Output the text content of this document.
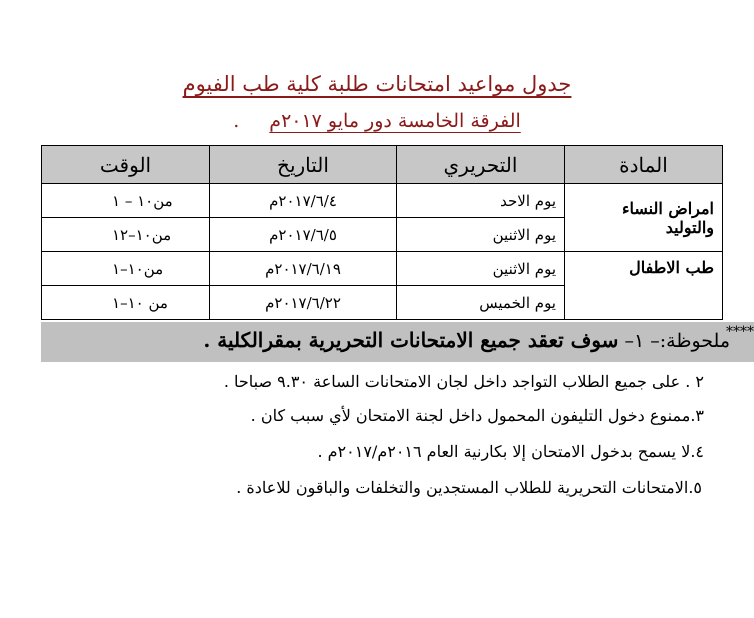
جدول مواعيد امتحانات طلبة كلية طب الفيوم
الفرقة الخامسة دور مايو ٢٠١٧م .
المادة	التحريري	التاريخ	الوقت
امراض النساء والتوليد	يوم الاحد	٢٠١٧/٦/٤م	من١٠ – ١
	يوم الاثنين	٢٠١٧/٦/٥م	من١٠–١٢
طب الاطفال	يوم الاثنين	٢٠١٧/٦/١٩م	من١٠–١
	يوم الخميس	٢٠١٧/٦/٢٢م	من ١٠–١
****
ملحوظة:– ١– سوف تعقد جميع الامتحانات التحريرية بمقرالكلية .
٢ . على جميع الطلاب التواجد داخل لجان الامتحانات الساعة ٩.٣٠ صباحا .
٣.ممنوع دخول التليفون المحمول داخل لجنة الامتحان لأي سبب كان .
٤.لا يسمح بدخول الامتحان إلا بكارنية العام ٢٠١٦م/٢٠١٧م .
٥.الامتحانات التحريرية للطلاب المستجدين والتخلفات والباقون للاعادة .
